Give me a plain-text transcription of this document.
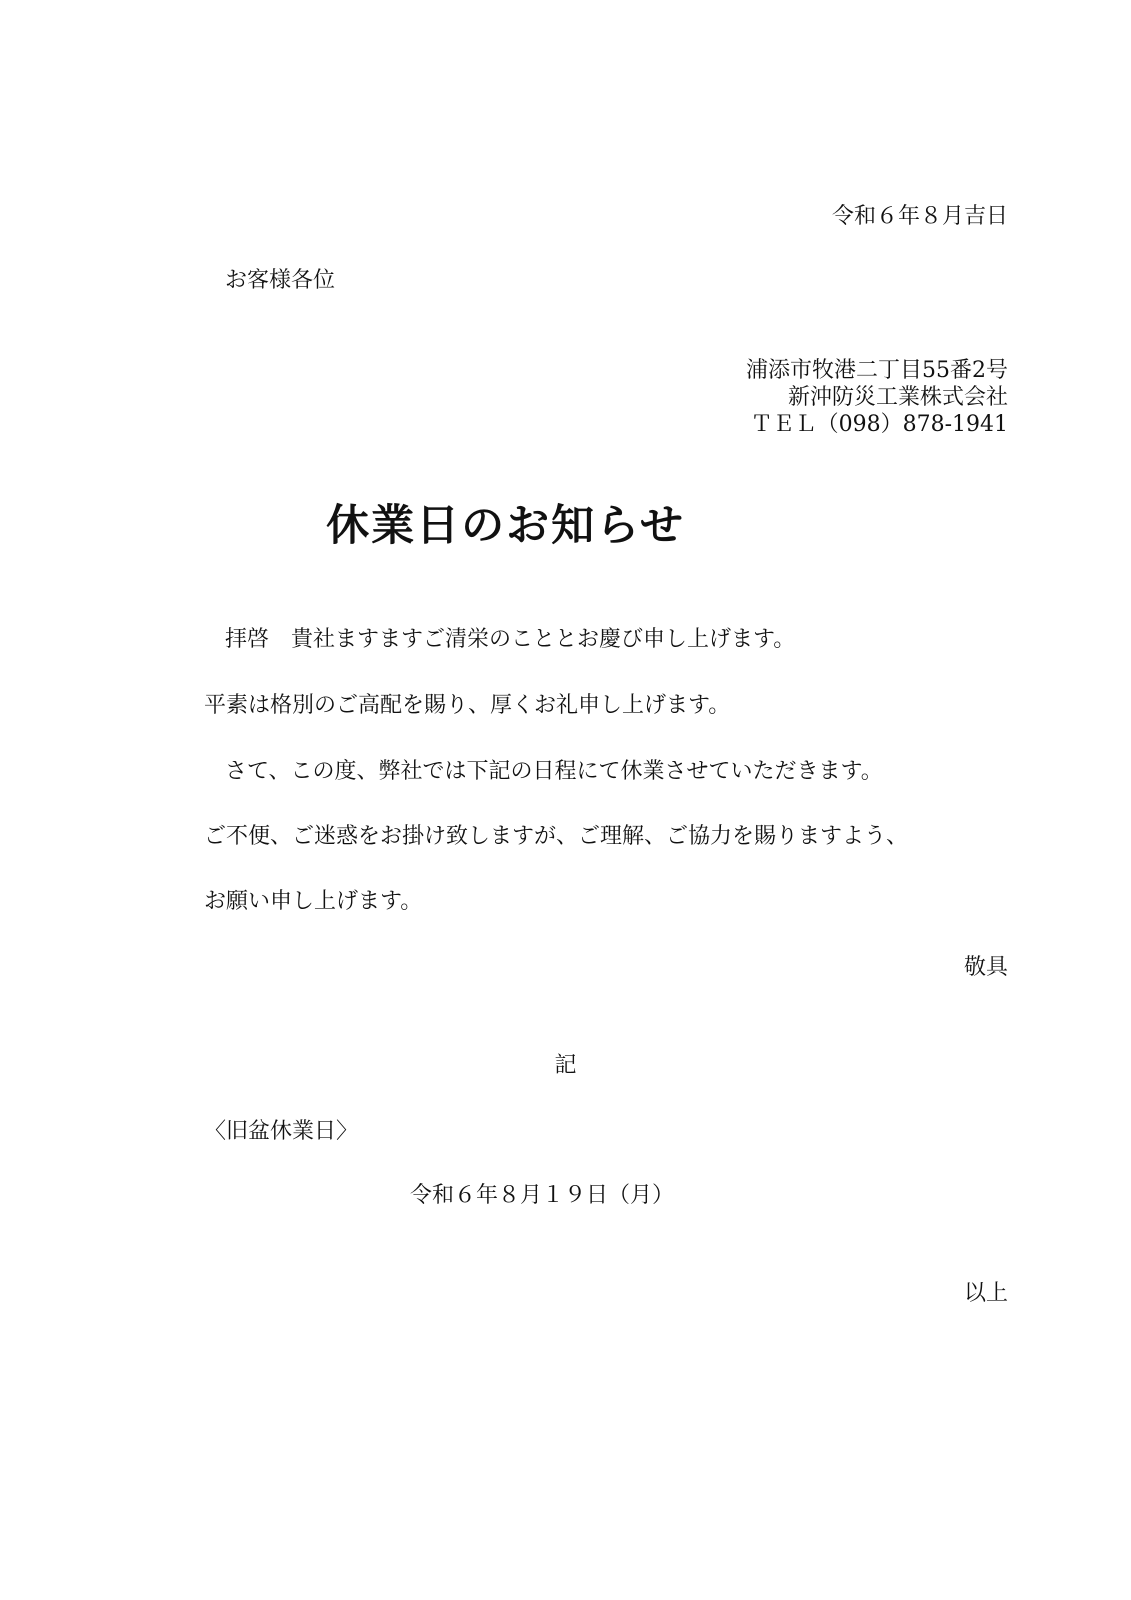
令和６年８月吉日

お客様各位

浦添市牧港二丁目55番2号
新沖防災工業株式会社
ＴＥＬ（098）878-1941
休業日のお知らせ

拝啓　貴社ますますご清栄のこととお慶び申し上げます。

平素は格別のご高配を賜り、厚くお礼申し上げます。

さて、この度、弊社では下記の日程にて休業させていただきます。

ご不便、ご迷惑をお掛け致しますが、ご理解、ご協力を賜りますよう、

お願い申し上げます。

敬具

記

〈旧盆休業日〉

令和６年８月１９日（月）

以上
